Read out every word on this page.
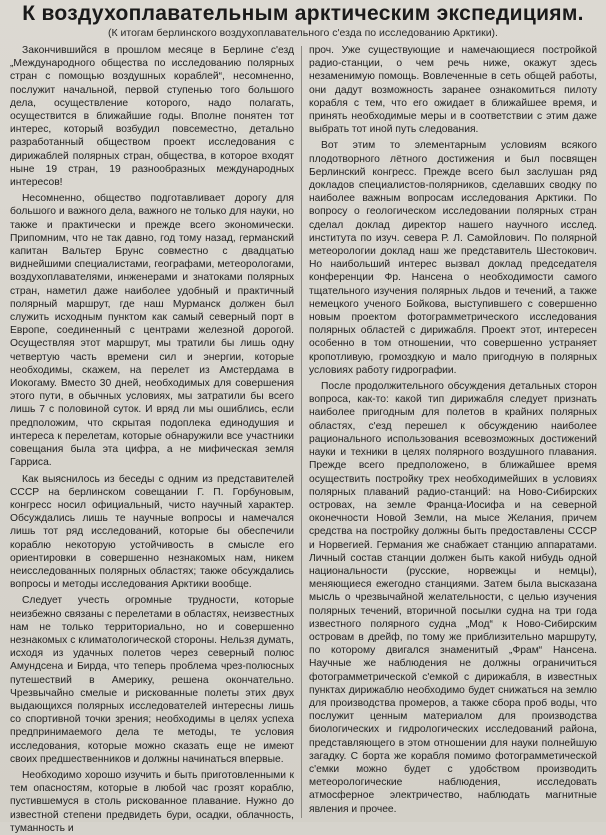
К воздухоплавательным арктическим экспедициям.
(К итогам берлинского воздухоплавательного с'езда по исследованию Арктики).

Закончившийся в прошлом месяце в Берлине с'езд „Международного общества по исследованию полярных стран с помощью воздушных кораблей“, несомненно, послужит начальной, первой ступенью того большого дела, осуществление которого, надо полагать, осуществится в ближайшие годы. Вполне понятен тот интерес, который возбудил повсеместно, детально разработанный обществом проект исследования с дирижаблей полярных стран, общества, в которое входят ныне 19 стран, 19 разнообразных международных интересов!

Несомненно, общество подготавливает дорогу для большого и важного дела, важного не только для науки, но также и практически и прежде всего экономически. Припомним, что не так давно, год тому назад, германский капитан Вальтер Брунс совместно с двадцатью виднейшими специалистами, географами, метеорологами, воздухоплавателями, инженерами и знатоками полярных стран, наметил даже наиболее удобный и практичный полярный маршрут, где наш Мурманск должен был служить исходным пунктом как самый северный порт в Европе, соединенный с центрами железной дорогой. Осуществляя этот маршрут, мы тратили бы лишь одну четвертую часть времени сил и энергии, которые необходимы, скажем, на перелет из Амстердама в Иокогаму. Вместо 30 дней, необходимых для совершения этого пути, в обычных условиях, мы затратили бы всего лишь 7 с половиной суток. И вряд ли мы ошиблись, если предположим, что скрытая подоплека единодушия и интереса к перелетам, которые обнаружили все участники совещания была эта цифра, а не мифическая земля Гарриса.

Как выяснилось из беседы с одним из представителей СССР на берлинском совещании Г. П. Горбуновым, конгресс носил официальный, чисто научный характер. Обсуждались лишь те научные вопросы и намечался лишь тот ряд исследований, которые бы обеспечили кораблю некоторую устойчивость в смысле его ориентировки в совершенно незнакомых нам, никем неисследованных полярных областях; также обсуждались вопросы и методы исследования Арктики вообще.

Следует учесть огромные трудности, которые неизбежно связаны с перелетами в областях, неизвестных нам не только территориально, но и совершенно незнакомых с климатологической стороны. Нельзя думать, исходя из удачных полетов через северный полюс Амундсена и Бирда, что теперь проблема чрез-полюсных путешествий в Америку, решена окончательно. Чрезвычайно смелые и рискованные полеты этих двух выдающихся полярных исследователей интересны лишь со спортивной точки зрения; необходимы в целях успеха предпринимаемого дела те методы, те условия исследования, которые можно сказать еще не имеют своих предшественников и должны начинаться впервые.

Необходимо хорошо изучить и быть приготовленными к тем опасностям, которые в любой час грозят кораблю, пустившемуся в столь рискованное плавание. Нужно до известной степени предвидеть бури, осадки, облачность, туманность и

проч. Уже существующие и намечающиеся постройкой радио-станции, о чем речь ниже, окажут здесь незаменимую помощь. Вовлеченные в сеть общей работы, они дадут возможность заранее ознакомиться пилоту корабля с тем, что его ожидает в ближайшее время, и принять необходимые меры и в соответствии с этим даже выбрать тот иной путь следования.

Вот этим то элементарным условиям всякого плодотворного лётного достижения и был посвящен Берлинский конгресс. Прежде всего был заслушан ряд докладов специалистов-полярников, сделавших сводку по наиболее важным вопросам исследования Арктики. По вопросу о геологическом исследовании полярных стран сделал доклад директор нашего научного исслед. института по изуч. севера Р. Л. Самойлович. По полярной метеорологии доклад наш же представитель Шестокович. Но наибольший интерес вызвал доклад председателя конференции Фр. Нансена о необходимости самого тщательного изучения полярных льдов и течений, а также немецкого ученого Бойкова, выступившего с совершенно новым проектом фотограмметрического исследования полярных областей с дирижабля. Проект этот, интересен особенно в том отношении, что совершенно устраняет кропотливую, громоздкую и мало пригодную в полярных условиях работу гидрографии.

После продолжительного обсуждения детальных сторон вопроса, как-то: какой тип дирижабля следует признать наиболее пригодным для полетов в крайних полярных областях, с'езд перешел к обсуждению наиболее рационального использования всевозможных достижений науки и техники в целях полярного воздушного плавания. Прежде всего предположено, в ближайшее время осуществить постройку трех необходимейших в условиях полярных плаваний радио-станций: на Ново-Сибирских островах, на земле Франца-Иосифа и на северной оконечности Новой Земли, на мысе Желания, причем средства на постройку должны быть предоставлены СССР и Норвегией. Германия же снабжает станцию аппаратами. Личный состав станции должен быть какой нибудь одной национальности (русские, норвежцы и немцы), меняющиеся ежегодно станциями. Затем была высказана мысль о чрезвычайной желательности, с целью изучения полярных течений, вторичной посылки судна на три года известного полярного судна „Мод“ к Ново-Сибирским островам в дрейф, по тому же приблизительно маршруту, по которому двигался знаменитый „Фрам“ Нансена. Научные же наблюдения не должны ограничиться фотограмметрической с'емкой с дирижабля, в известных пунктах дирижаблю необходимо будет снижаться на землю для производства промеров, а также сбора проб воды, что послужит ценным материалом для производства биологических и гидрологических исследований района, представляющего в этом отношении для науки полнейшую загадку. С борта же корабля помимо фотограмметической с'емки можно будет с удобством производить метеорологические наблюдения, исследовать атмосферное электричество, наблюдать магнитные явления и прочее.
